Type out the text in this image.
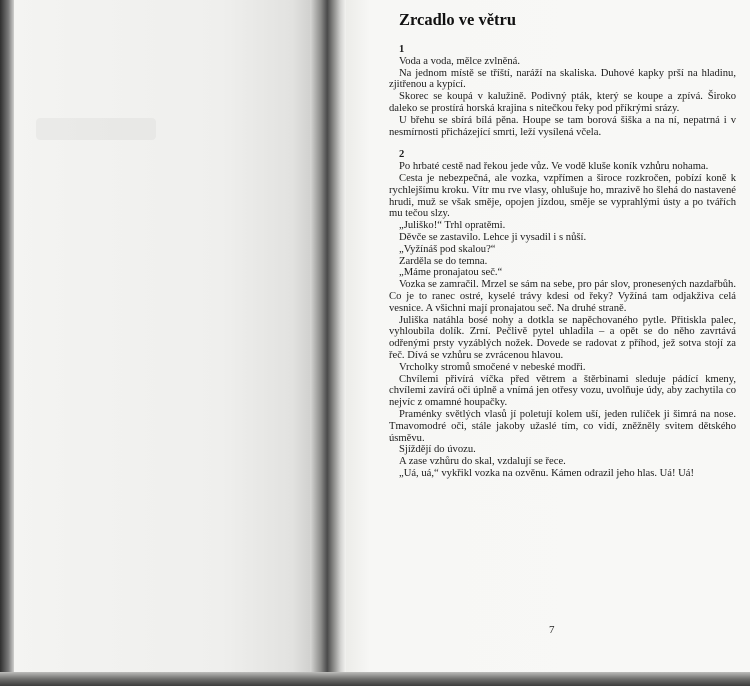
Zrcadlo ve větru
1

Voda a voda, mělce zvlněná.

Na jednom místě se tříští, naráží na skaliska. Duhové kapky prší na hladinu, zjitřenou a kypící.

Skorec se koupá v kalužině. Podivný pták, který se koupe a zpívá. Široko daleko se prostírá horská krajina s nitečkou řeky pod příkrými srázy.

U břehu se sbírá bílá pěna. Houpe se tam borová šiška a na ní, nepatrná i v nesmírnosti přicházející smrti, leží vysílená včela.

2

Po hrbaté cestě nad řekou jede vůz. Ve vodě kluše koník vzhůru nohama.

Cesta je nebezpečná, ale vozka, vzpřímen a široce rozkročen, pobízí koně k rychlejšímu kroku. Vítr mu rve vlasy, ohlušuje ho, mrazivě ho šlehá do nastavené hrudi, muž se však směje, opojen jízdou, směje se vyprahlými ústy a po tvářích mu tečou slzy.

„Juliško!“ Trhl opratěmi.

Děvče se zastavilo. Lehce ji vysadil i s nůší.

„Vyžínáš pod skalou?“

Zarděla se do temna.

„Máme pronajatou seč.“

Vozka se zamračil. Mrzel se sám na sebe, pro pár slov, pronesených nazdařbůh. Co je to ranec ostré, kyselé trávy kdesi od řeky? Vyžíná tam odjakživa celá vesnice. A všichni mají pronajatou seč. Na druhé straně.

Juliška natáhla bosé nohy a dotkla se napěchovaného pytle. Přitiskla palec, vyhloubila dolík. Zrní. Pečlivě pytel uhladila – a opět se do něho zavrtává odřenými prsty vyzáblých nožek. Dovede se radovat z příhod, jež sotva stojí za řeč. Dívá se vzhůru se zvrácenou hlavou.

Vrcholky stromů smočené v nebeské modři.

Chvílemi přivírá víčka před větrem a štěrbinami sleduje pádící kmeny, chvílemi zavírá oči úplně a vnímá jen otřesy vozu, uvolňuje údy, aby zachytila co nejvíc z omamné houpačky.

Praménky světlých vlasů jí poletují kolem uší, jeden rulíček ji šimrá na nose. Tmavomodré oči, stále jakoby užaslé tím, co vidí, zněžněly svitem dětského úsměvu.

Sjíždějí do úvozu.

A zase vzhůru do skal, vzdalují se řece.

„Uá, uá,“ vykřikl vozka na ozvěnu. Kámen odrazil jeho hlas. Uá! Uá!

7
